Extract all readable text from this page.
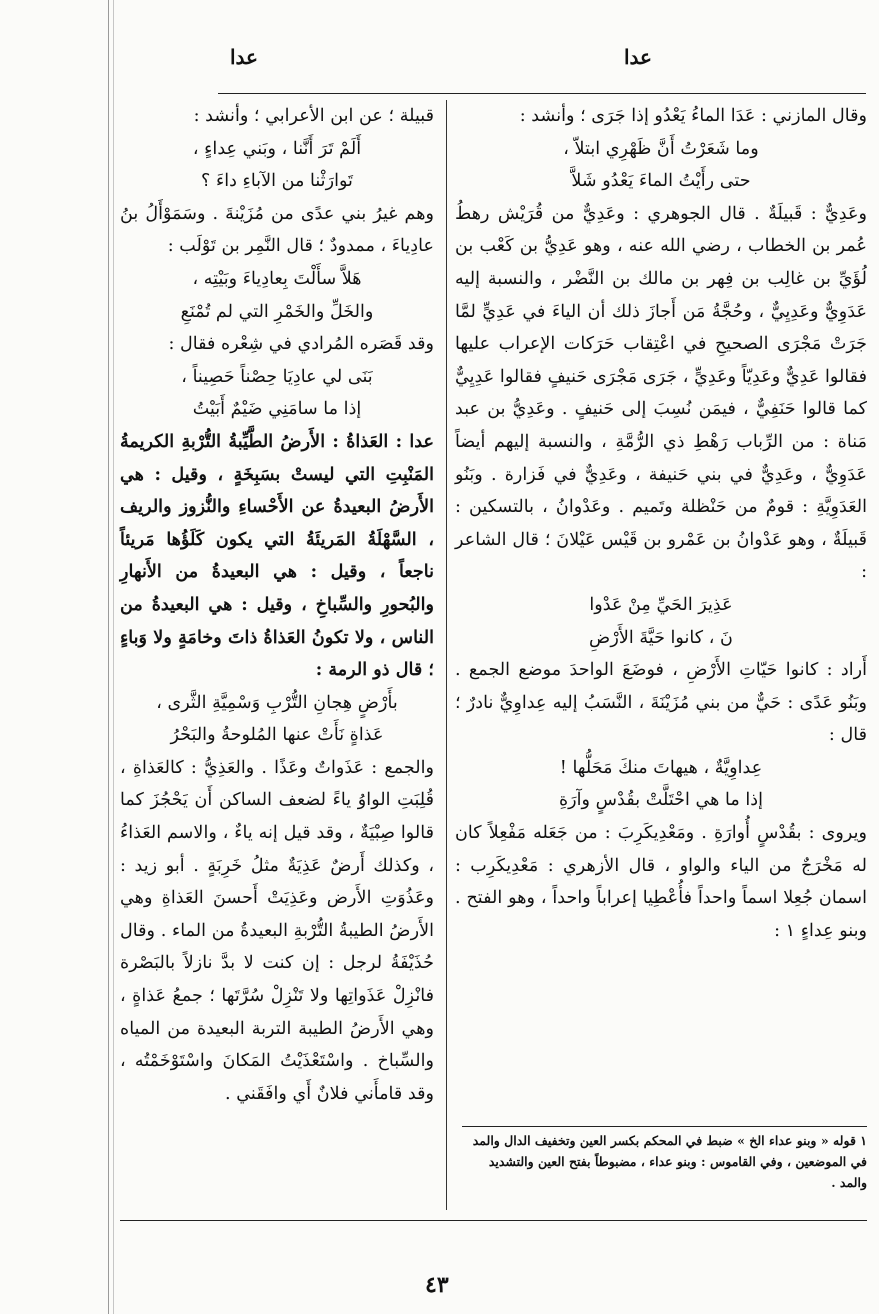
عدا	عدا

وقال المازني : عَدَا الماءُ يَعْدُو إذا جَرَى ؛ وأنشد :

وما شَعَرْتُ أَنَّ ظَهْرِي ابتلاّ ،

حتى رأَيْتُ الماءَ يَعْدُو شَلاَّ

وعَدِيٌّ : قَبيلَةٌ . قال الجوهري : وعَدِيٌّ من قُرَيْش رهطُ عُمر بن الخطاب ، رضي الله عنه ، وهو عَدِيُّ بن كَعْب بن لُؤَيِّ بن غالِب بن فِهر بن مالك بن النَّضْر ، والنسبة إليه عَدَوِيٌّ وعَدِيِيٌّ ، وحُجَّةُ مَن أَجازَ ذلك أن الياءَ في عَدِيٍّ لمَّا جَرَتْ مَجْرَى الصحيحِ في اعْتِقاب حَرَكات الإعراب عليها فقالوا عَدِيٌّ وعَدِيّاً وعَدِيٍّ ، جَرَى مَجْرَى حَنيفٍ فقالوا عَدِيِيٌّ كما قالوا حَنَفِيٌّ ، فيمَن نُسِبَ إلى حَنيفٍ . وعَدِيُّ بن عبد مَناة : من الرِّباب رَهْطِ ذي الرُّمَّةِ ، والنسبة إليهم أيضاً عَدَوِيٌّ ، وعَدِيٌّ في بني حَنيفة ، وعَدِيٌّ في فَزارة . وبَنُو العَدَوِيَّةِ : قومٌ من حَنْظلة وتَميم . وعَدْوانُ ، بالتسكين : قَبيلَةٌ ، وهو عَدْوانُ بن عَمْرو بن قَيْس عَيْلانَ ؛ قال الشاعر :

عَذِيرَ الحَيِّ مِنْ عَدْوا

نَ ، كانوا حَيَّةَ الأَرْضِ

أَراد : كانوا حَيّاتِ الأَرْضِ ، فوضَعَ الواحدَ موضع الجمع . وبَنُو عَدًى : حَيٌّ من بني مُزَيْنَةَ ، النَّسَبُ إليه عِداوِيٌّ نادرٌ ؛ قال :

عِداوِيَّةٌ ، هيهاتَ منكَ مَحَلُّها !

إذا ما هي احْتَلَّتْ بقُدْسٍ وآرَةِ

ويروى : بقُدْسٍ أُوارَةِ . ومَعْدِيكَرِبَ : من جَعَله مَفْعِلاً كان له مَخْرَجٌ من الياء والواو ، قال الأزهري : مَعْدِيكَرِب : اسمان جُعِلا اسماً واحداً فأُعْطِيا إعراباً واحداً ، وهو الفتح . وبنو عِداءٍ ١ :

قبيلة ؛ عن ابن الأعرابي ؛ وأنشد :

أَلَمْ تَرَ أَنَّنا ، وبَني عِداءٍ ،

تَوارَثْنا من الآباءِ داءَ ؟

وهم غيرُ بني عدًى من مُزَيْنةَ . وسَمَوْأَلُ بنُ عادِياءَ ، ممدودٌ ؛ قال النَّمِر بن تَوْلَب :

هَلاَّ سأَلْتَ بِعادِياءَ وبَيْتِه ،

والخَلِّ والخَمْرِ التي لم تُمْنَعِ

وقد قَصَره المُرادي في شِعْره فقال :

بَنَى لي عادِيَا حِصْناً حَصِيناً ،

إذا ما سامَنِي ضَيْمٌ أَبَيْتُ

عدا : العَذاةُ : الأَرضُ الطَّيِّبةُ التُّرْبةِ الكريمةُ المَنْبِتِ التي ليستْ بسَبِخَةٍ ، وقيل : هي الأَرضُ البعيدةُ عن الأَحْساءِ والنُّزوز والريف ، السَّهْلَةُ المَريئَةُ التي يكون كَلَؤُها مَريئاً ناجعاً ، وقيل : هي البعيدةُ من الأَنهارِ والبُحورِ والسِّباخِ ، وقيل : هي البعيدةُ من الناس ، ولا تكونُ العَذاةُ ذاتَ وخامَةٍ ولا وَباءٍ ؛ قال ذو الرمة :

بأَرْضٍ هِجانِ التُّرْبِ وَسْمِيَّةِ الثَّرى ،

عَذاةٍ نَأَتْ عنها المُلوحةُ والبَحْرُ

والجمع : عَذَواتٌ وعَذًا . والعَذِيُّ : كالعَذاةِ ، قُلِبَتِ الواوُ ياءً لضعف الساكن أَن يَحْجُزَ كما قالوا صِبْيَةٌ ، وقد قيل إنه ياءٌ ، والاسم العَذاءُ ، وكذلك أَرضٌ عَذِيَةٌ مثلُ خَرِبَةٍ . أبو زيد : وعَذُوَتِ الأَرض وعَذِيَتْ أَحسنَ العَذاةِ وهي الأَرضُ الطيبةُ التُّرْبةِ البعيدةُ من الماء . وقال حُذَيْفَةُ لرجل : إن كنت لا بدَّ نازلاً بالبَصْرة فانْزِلْ عَذَواتِها ولا تَنْزِلْ سُرَّتَها ؛ جمعُ عَذاةٍ ، وهي الأَرضُ الطيبة التربة البعيدة من المياه والسِّباخ . واسْتَعْذَيْتُ المَكانَ واسْتَوْخَمْتُه ، وقد قامأَني فلانٌ أَي وافَقَني .

١ قوله « وبنو عداء الخ » ضبط في المحكم بكسر العين وتخفيف الدال والمد في الموضعين ، وفي القاموس : وبنو عداء ، مضبوطاً بفتح العين والتشديد والمد .
٤٣
